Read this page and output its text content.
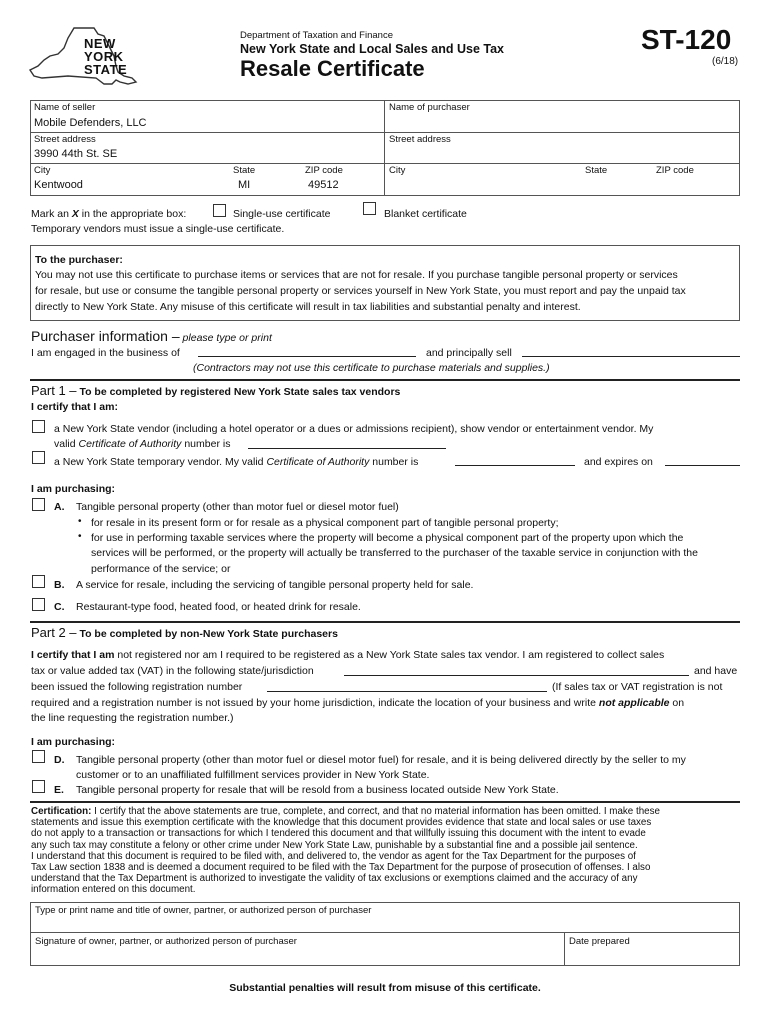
NEW
YORK
STATE
Department of Taxation and Finance
New York State and Local Sales and Use Tax
Resale Certificate
ST-120
(6/18)
Name of seller
Mobile Defenders, LLC
Street address
3990 44th St. SE
City
Kentwood
State
MI
ZIP code
49512
Name of purchaser
Street address
City	State	ZIP code
Mark an X in the appropriate box:	Single-use certificate	Blanket certificate
Temporary vendors must issue a single-use certificate.
To the purchaser:
You may not use this certificate to purchase items or services that are not for resale. If you purchase tangible personal property or services
for resale, but use or consume the tangible personal property or services yourself in New York State, you must report and pay the unpaid tax
directly to New York State. Any misuse of this certificate will result in tax liabilities and substantial penalty and interest.
Purchaser information – please type or print
I am engaged in the business of	and principally sell
(Contractors may not use this certificate to purchase materials and supplies.)
Part 1 – To be completed by registered New York State sales tax vendors
I certify that I am:
a New York State vendor (including a hotel operator or a dues or admissions recipient), show vendor or entertainment vendor. My
valid Certificate of Authority number is
a New York State temporary vendor. My valid Certificate of Authority number is	and expires on
I am purchasing:
A. Tangible personal property (other than motor fuel or diesel motor fuel)
• for resale in its present form or for resale as a physical component part of tangible personal property;
• for use in performing taxable services where the property will become a physical component part of the property upon which the
services will be performed, or the property will actually be transferred to the purchaser of the taxable service in conjunction with the
performance of the service; or
B. A service for resale, including the servicing of tangible personal property held for sale.
C. Restaurant-type food, heated food, or heated drink for resale.
Part 2 – To be completed by non-New York State purchasers
I certify that I am not registered nor am I required to be registered as a New York State sales tax vendor. I am registered to collect sales
tax or value added tax (VAT) in the following state/jurisdiction	and have
been issued the following registration number	(If sales tax or VAT registration is not
required and a registration number is not issued by your home jurisdiction, indicate the location of your business and write not applicable on
the line requesting the registration number.)
I am purchasing:
D. Tangible personal property (other than motor fuel or diesel motor fuel) for resale, and it is being delivered directly by the seller to my
customer or to an unaffiliated fulfillment services provider in New York State.
E. Tangible personal property for resale that will be resold from a business located outside New York State.
Certification: I certify that the above statements are true, complete, and correct, and that no material information has been omitted. I make these
statements and issue this exemption certificate with the knowledge that this document provides evidence that state and local sales or use taxes
do not apply to a transaction or transactions for which I tendered this document and that willfully issuing this document with the intent to evade
any such tax may constitute a felony or other crime under New York State Law, punishable by a substantial fine and a possible jail sentence.
I understand that this document is required to be filed with, and delivered to, the vendor as agent for the Tax Department for the purposes of
Tax Law section 1838 and is deemed a document required to be filed with the Tax Department for the purpose of prosecution of offenses. I also
understand that the Tax Department is authorized to investigate the validity of tax exclusions or exemptions claimed and the accuracy of any
information entered on this document.
Type or print name and title of owner, partner, or authorized person of purchaser
Signature of owner, partner, or authorized person of purchaser	Date prepared
Substantial penalties will result from misuse of this certificate.
